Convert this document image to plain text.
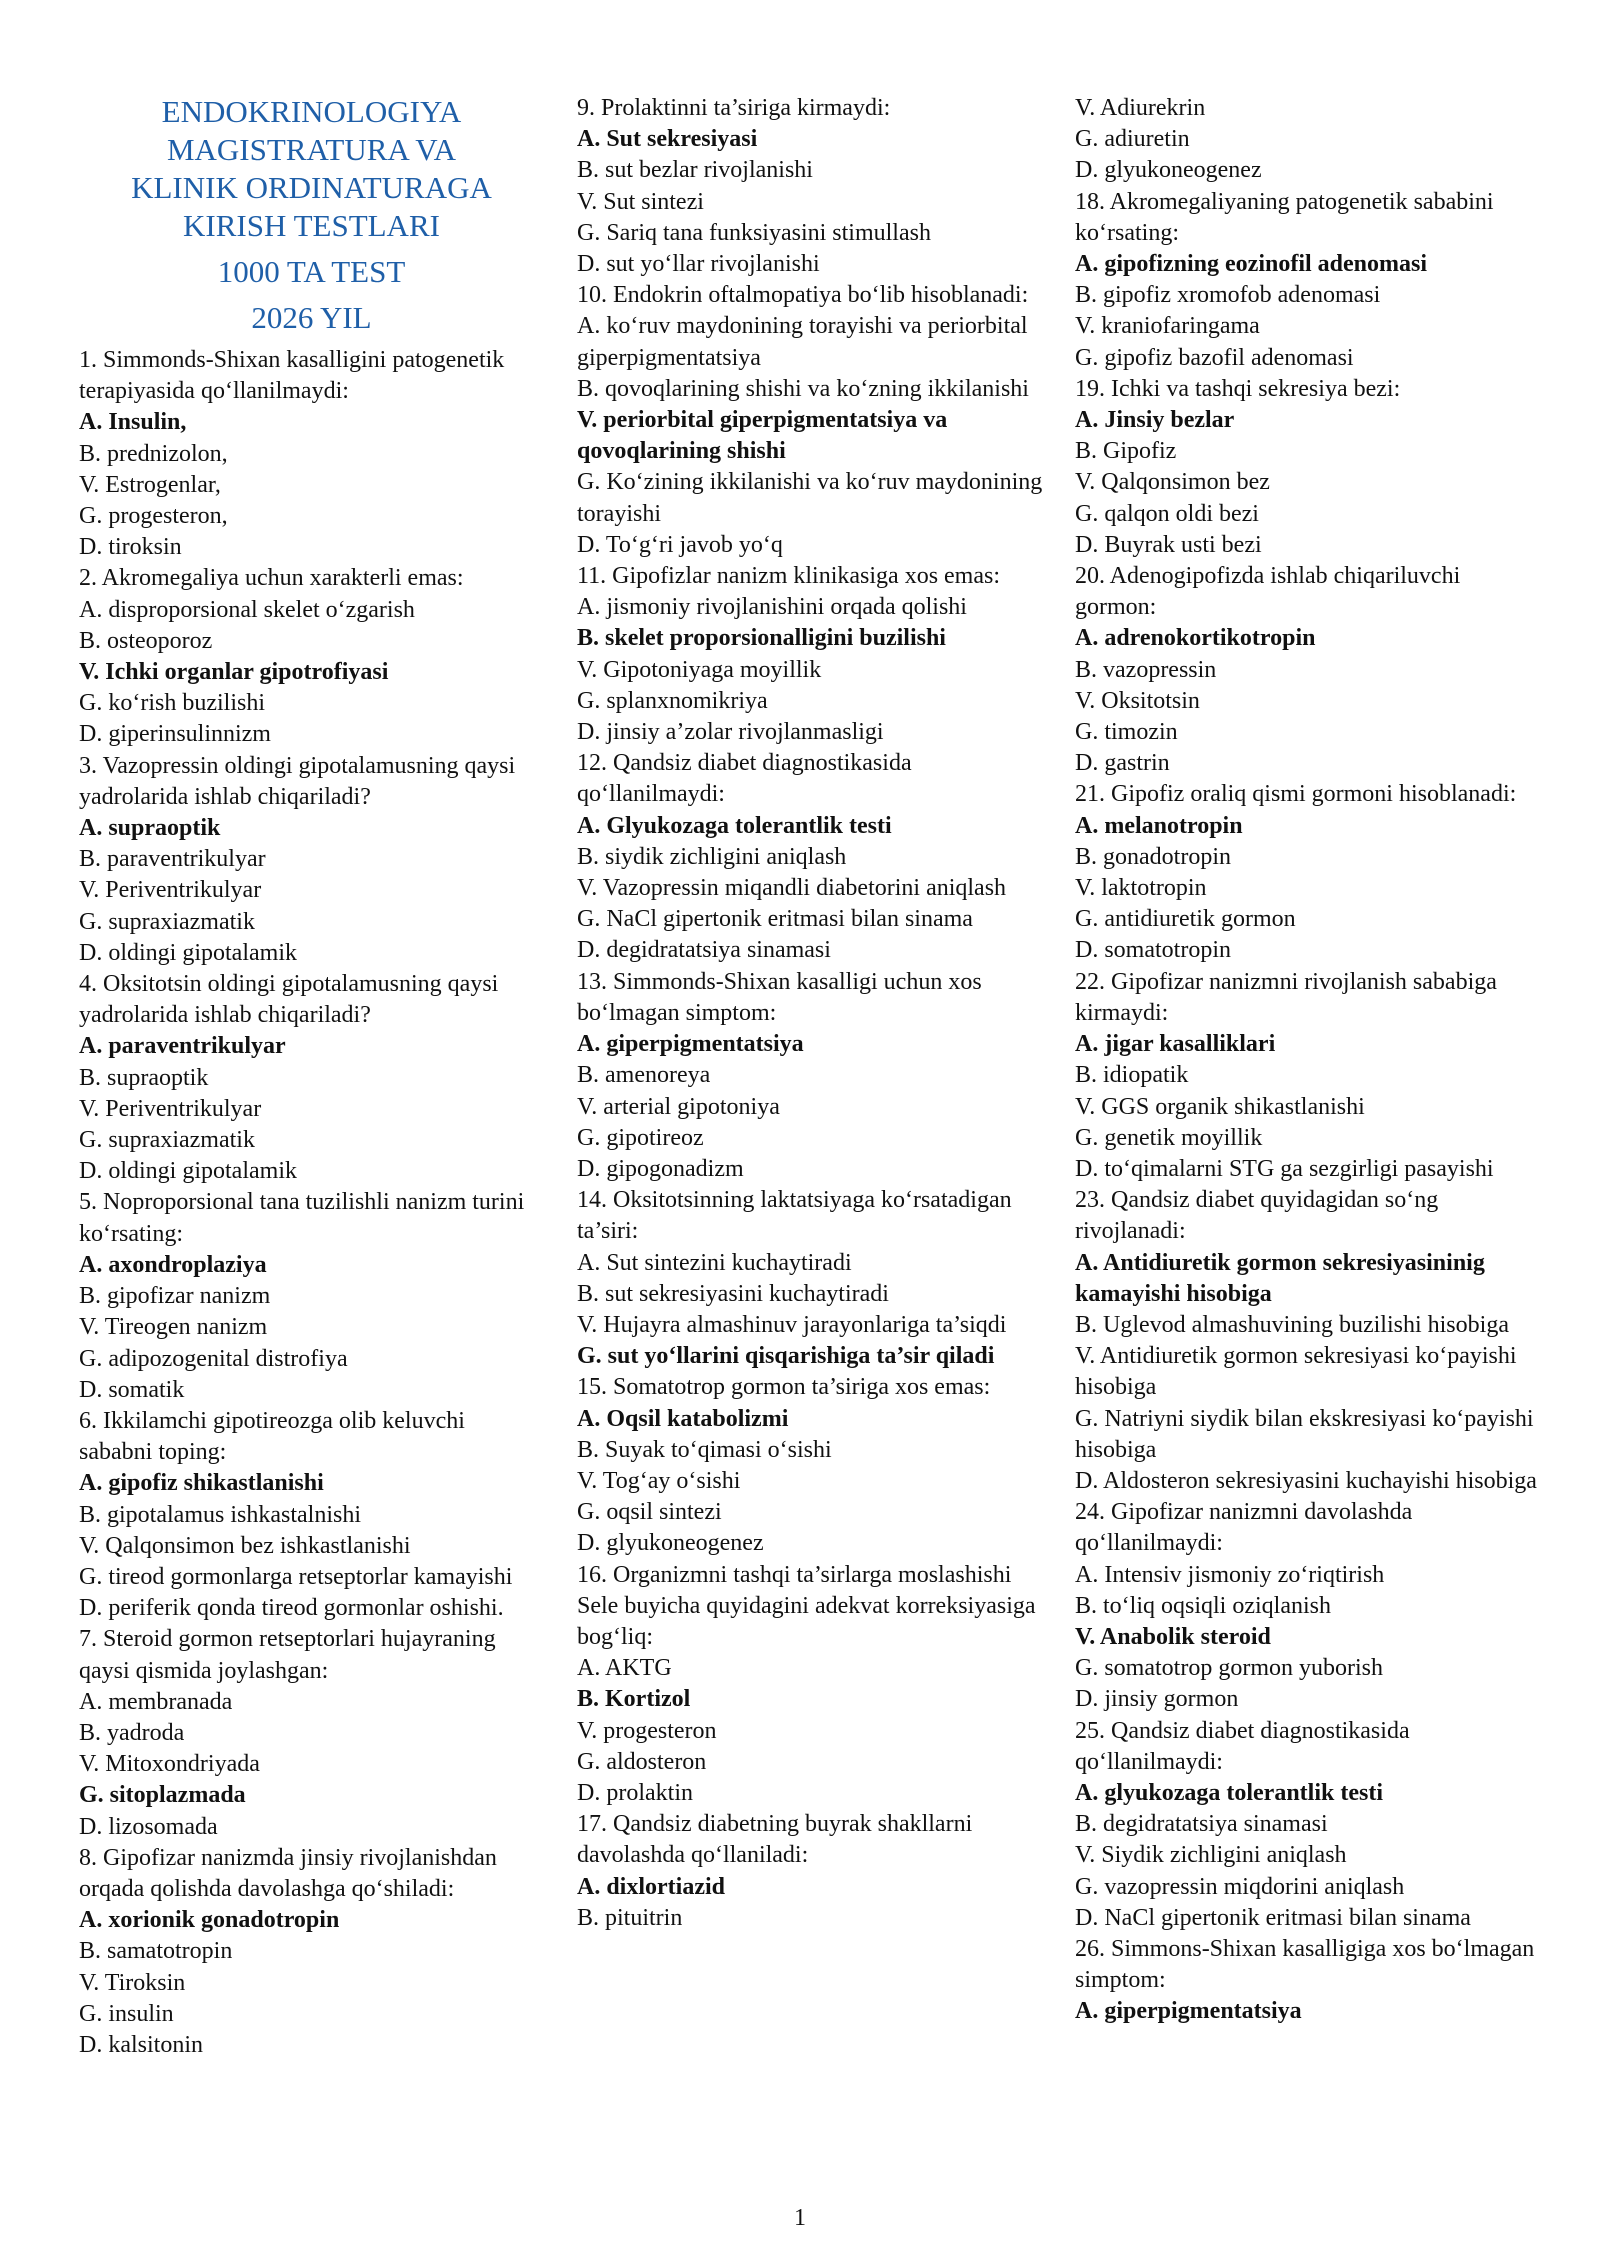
ENDOKRINOLOGIYA
MAGISTRATURA VA
KLINIK ORDINATURAGA
KIRISH TESTLARI
1000 TA TEST
2026 YIL
1. Simmonds-Shixan kasalligini patogenetik terapiyasida qo‘llanilmaydi:
A. Insulin,
B. prednizolon,
V. Estrogenlar,
G. progesteron,
D. tiroksin
2. Akromegaliya uchun xarakterli emas:
A. disproporsional skelet o‘zgarish
B. osteoporoz
V. Ichki organlar gipotrofiyasi
G. ko‘rish buzilishi
D. giperinsulinnizm
3. Vazopressin oldingi gipotalamusning qaysi yadrolarida ishlab chiqariladi?
A. supraoptik
B. paraventrikulyar
V. Periventrikulyar
G. supraxiazmatik
D. oldingi gipotalamik
4. Oksitotsin oldingi gipotalamusning qaysi yadrolarida ishlab chiqariladi?
A. paraventrikulyar
B. supraoptik
V. Periventrikulyar
G. supraxiazmatik
D. oldingi gipotalamik
5. Noproporsional tana tuzilishli nanizm turini ko‘rsating:
A. axondroplaziya
B. gipofizar nanizm
V. Tireogen nanizm
G. adipozogenital distrofiya
D. somatik
6. Ikkilamchi gipotireozga olib keluvchi sababni toping:
A. gipofiz shikastlanishi
B. gipotalamus ishkastalnishi
V. Qalqonsimon bez ishkastlanishi
G. tireod gormonlarga retseptorlar kamayishi
D. periferik qonda tireod gormonlar oshishi.
7. Steroid gormon retseptorlari hujayraning qaysi qismida joylashgan:
A. membranada
B. yadroda
V. Mitoxondriyada
G. sitoplazmada
D. lizosomada
8. Gipofizar nanizmda jinsiy rivojlanishdan orqada qolishda davolashga qo‘shiladi:
A. xorionik gonadotropin
B. samatotropin
V. Tiroksin
G. insulin
D. kalsitonin
9. Prolaktinni ta’siriga kirmaydi:
A. Sut sekresiyasi
B. sut bezlar rivojlanishi
V. Sut sintezi
G. Sariq tana funksiyasini stimullash
D. sut yo‘llar rivojlanishi
10. Endokrin oftalmopatiya bo‘lib hisoblanadi:
A. ko‘ruv maydonining torayishi va periorbital giperpigmentatsiya
B. qovoqlarining shishi va ko‘zning ikkilanishi
V. periorbital giperpigmentatsiya va qovoqlarining shishi
G. Ko‘zining ikkilanishi va ko‘ruv maydonining torayishi
D. To‘g‘ri javob yo‘q
11. Gipofizlar nanizm klinikasiga xos emas:
A. jismoniy rivojlanishini orqada qolishi
B. skelet proporsionalligini buzilishi
V. Gipotoniyaga moyillik
G. splanxnomikriya
D. jinsiy a’zolar rivojlanmasligi
12. Qandsiz diabet diagnostikasida qo‘llanilmaydi:
A. Glyukozaga tolerantlik testi
B. siydik zichligini aniqlash
V. Vazopressin miqandli diabetorini aniqlash
G. NaCl gipertonik eritmasi bilan sinama
D. degidratatsiya sinamasi
13. Simmonds-Shixan kasalligi uchun xos bo‘lmagan simptom:
A. giperpigmentatsiya
B. amenoreya
V. arterial gipotoniya
G. gipotireoz
D. gipogonadizm
14. Oksitotsinning laktatsiyaga ko‘rsatadigan ta’siri:
A. Sut sintezini kuchaytiradi
B. sut sekresiyasini kuchaytiradi
V. Hujayra almashinuv jarayonlariga ta’siqdi
G. sut yo‘llarini qisqarishiga ta’sir qiladi
15. Somatotrop gormon ta’siriga xos emas:
A. Oqsil katabolizmi
B. Suyak to‘qimasi o‘sishi
V. Tog‘ay o‘sishi
G. oqsil sintezi
D. glyukoneogenez
16. Organizmni tashqi ta’sirlarga moslashishi Sele buyicha quyidagini adekvat korreksiyasiga bog‘liq:
A. AKTG
B. Kortizol
V. progesteron
G. aldosteron
D. prolaktin
17. Qandsiz diabetning buyrak shakllarni davolashda qo‘llaniladi:
A. dixlortiazid
B. pituitrin
V. Adiurekrin
G. adiuretin
D. glyukoneogenez
18. Akromegaliyaning patogenetik sababini ko‘rsating:
A. gipofizning eozinofil adenomasi
B. gipofiz xromofob adenomasi
V. kraniofaringama
G. gipofiz bazofil adenomasi
19. Ichki va tashqi sekresiya bezi:
A. Jinsiy bezlar
B. Gipofiz
V. Qalqonsimon bez
G. qalqon oldi bezi
D. Buyrak usti bezi
20. Adenogipofizda ishlab chiqariluvchi gormon:
A. adrenokortikotropin
B. vazopressin
V. Oksitotsin
G. timozin
D. gastrin
21. Gipofiz oraliq qismi gormoni hisoblanadi:
A. melanotropin
B. gonadotropin
V. laktotropin
G. antidiuretik gormon
D. somatotropin
22. Gipofizar nanizmni rivojlanish sababiga kirmaydi:
A. jigar kasalliklari
B. idiopatik
V. GGS organik shikastlanishi
G. genetik moyillik
D. to‘qimalarni STG ga sezgirligi pasayishi
23. Qandsiz diabet quyidagidan so‘ng rivojlanadi:
A. Antidiuretik gormon sekresiyasininig kamayishi hisobiga
B. Uglevod almashuvining buzilishi hisobiga
V. Antidiuretik gormon sekresiyasi ko‘payishi hisobiga
G. Natriyni siydik bilan ekskresiyasi ko‘payishi hisobiga
D. Aldosteron sekresiyasini kuchayishi hisobiga
24. Gipofizar nanizmni davolashda qo‘llanilmaydi:
A. Intensiv jismoniy zo‘riqtirish
B. to‘liq oqsiqli oziqlanish
V. Anabolik steroid
G. somatotrop gormon yuborish
D. jinsiy gormon
25. Qandsiz diabet diagnostikasida qo‘llanilmaydi:
A. glyukozaga tolerantlik testi
B. degidratatsiya sinamasi
V. Siydik zichligini aniqlash
G. vazopressin miqdorini aniqlash
D. NaCl gipertonik eritmasi bilan sinama
26. Simmons-Shixan kasalligiga xos bo‘lmagan simptom:
A. giperpigmentatsiya
1
